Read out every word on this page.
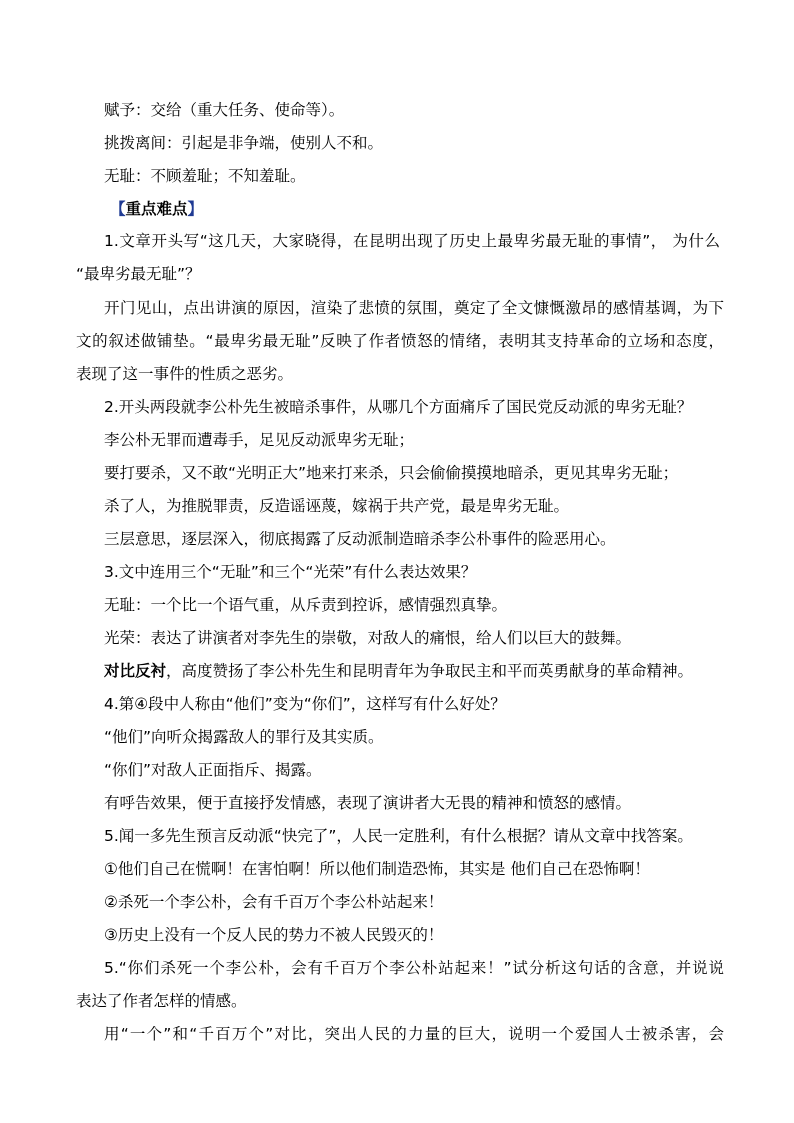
赋予：交给（重大任务、使命等）。
挑拨离间：引起是非争端，使别人不和。
无耻：不顾羞耻；不知羞耻。
【重点难点】
1.文章开头写“这几天，大家晓得，在昆明出现了历史上最卑劣最无耻的事情”， 为什么
“最卑劣最无耻”？
开门见山，点出讲演的原因，渲染了悲愤的氛围，奠定了全文慷慨激昂的感情基调，为下
文的叙述做铺垫。“最卑劣最无耻”反映了作者愤怒的情绪，表明其支持革命的立场和态度，
表现了这一事件的性质之恶劣。
2.开头两段就李公朴先生被暗杀事件，从哪几个方面痛斥了国民党反动派的卑劣无耻？
李公朴无罪而遭毒手，足见反动派卑劣无耻；
要打要杀，又不敢“光明正大”地来打来杀，只会偷偷摸摸地暗杀，更见其卑劣无耻；
杀了人，为推脱罪责，反造谣诬蔑，嫁祸于共产党，最是卑劣无耻。
三层意思，逐层深入，彻底揭露了反动派制造暗杀李公朴事件的险恶用心。
3.文中连用三个“无耻”和三个“光荣”有什么表达效果？
无耻：一个比一个语气重，从斥责到控诉，感情强烈真挚。
光荣：表达了讲演者对李先生的崇敬，对敌人的痛恨，给人们以巨大的鼓舞。
对比反衬，高度赞扬了李公朴先生和昆明青年为争取民主和平而英勇献身的革命精神。
4.第④段中人称由“他们”变为“你们”，这样写有什么好处？
“他们”向听众揭露敌人的罪行及其实质。
“你们”对敌人正面指斥、揭露。
有呼告效果，便于直接抒发情感，表现了演讲者大无畏的精神和愤怒的感情。
5.闻一多先生预言反动派“快完了”，人民一定胜利，有什么根据？请从文章中找答案。
①他们自己在慌啊！在害怕啊！所以他们制造恐怖，其实是 他们自己在恐怖啊！
②杀死一个李公朴，会有千百万个李公朴站起来！
③历史上没有一个反人民的势力不被人民毁灭的！
5.“你们杀死一个李公朴，会有千百万个李公朴站起来！”试分析这句话的含意，并说说
表达了作者怎样的情感。
用“一个”和“千百万个”对比，突出人民的力量的巨大，说明一个爱国人士被杀害，会
